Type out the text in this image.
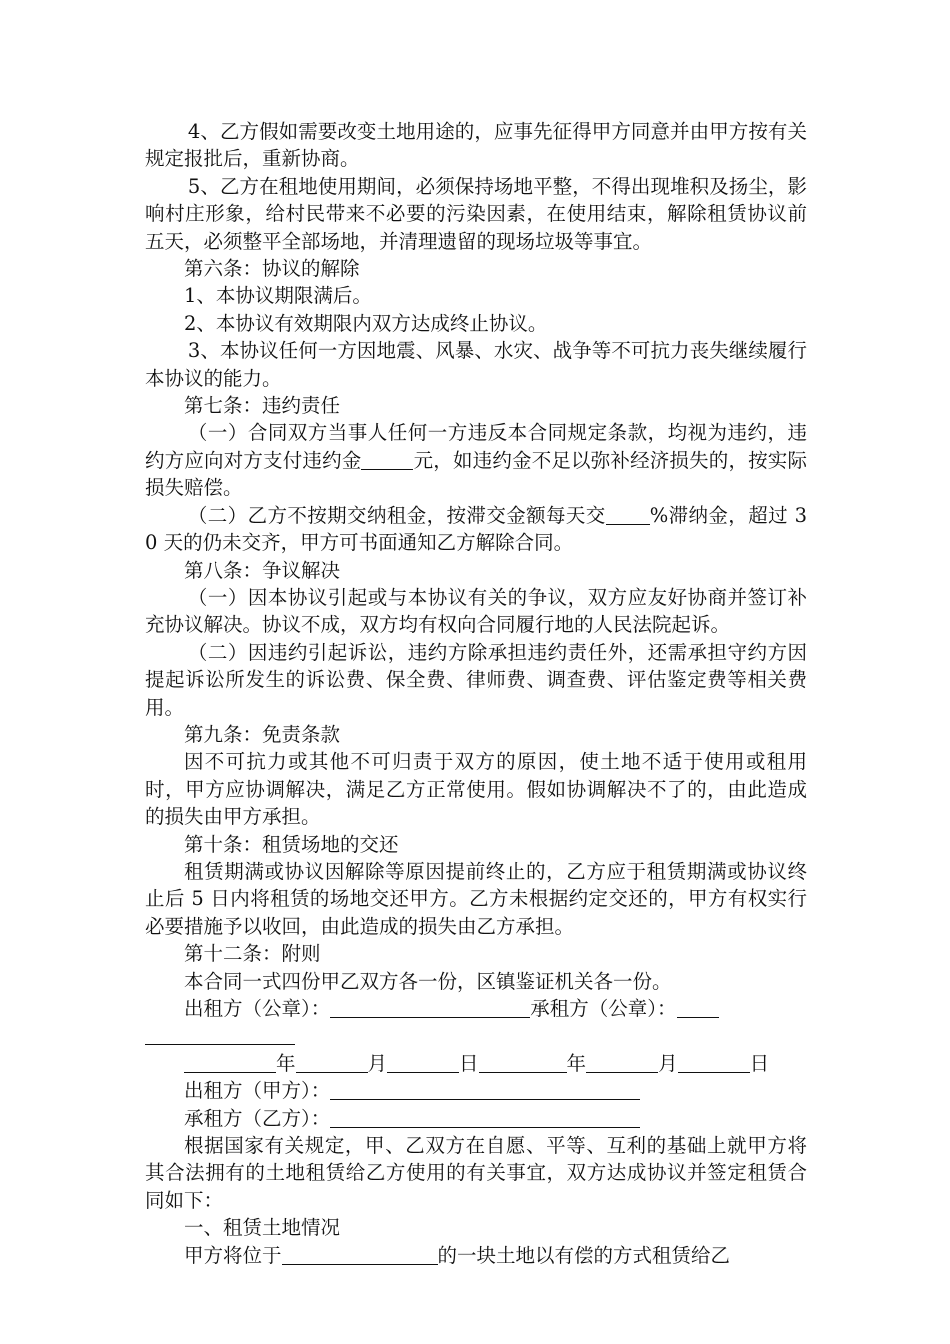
4、乙方假如需要改变土地用途的，应事先征得甲方同意并由甲方按有关规定报批后，重新协商。

5、乙方在租地使用期间，必须保持场地平整，不得出现堆积及扬尘，影响村庄形象，给村民带来不必要的污染因素，在使用结束，解除租赁协议前五天，必须整平全部场地，并清理遗留的现场垃圾等事宜。

第六条：协议的解除

1、本协议期限满后。

2、本协议有效期限内双方达成终止协议。

3、本协议任何一方因地震、风暴、水灾、战争等不可抗力丧失继续履行本协议的能力。

第七条：违约责任

（一）合同双方当事人任何一方违反本合同规定条款，均视为违约，违约方应向对方支付违约金	元，如违约金不足以弥补经济损失的，按实际损失赔偿。

（二）乙方不按期交纳租金，按滞交金额每天交 %滞纳金，超过 30 天的仍未交齐，甲方可书面通知乙方解除合同。

第八条：争议解决

（一）因本协议引起或与本协议有关的争议，双方应友好协商并签订补充协议解决。协议不成，双方均有权向合同履行地的人民法院起诉。

（二）因违约引起诉讼，违约方除承担违约责任外，还需承担守约方因提起诉讼所发生的诉讼费、保全费、律师费、调查费、评估鉴定费等相关费用。

第九条：免责条款

因不可抗力或其他不可归责于双方的原因，使土地不适于使用或租用时，甲方应协调解决，满足乙方正常使用。假如协调解决不了的，由此造成的损失由甲方承担。

第十条：租赁场地的交还

租赁期满或协议因解除等原因提前终止的，乙方应于租赁期满或协议终止后 5 日内将租赁的场地交还甲方。乙方未根据约定交还的，甲方有权实行必要措施予以收回，由此造成的损失由乙方承担。

第十二条：附则

本合同一式四份甲乙双方各一份，区镇鉴证机关各一份。

出租方（公章）：	承租方（公章）：

年	月	日	年	月	日

出租方（甲方）：

承租方（乙方）：

根据国家有关规定，甲、乙双方在自愿、平等、互利的基础上就甲方将其合法拥有的土地租赁给乙方使用的有关事宜，双方达成协议并签定租赁合同如下：

一、租赁土地情况

甲方将位于	的一块土地以有偿的方式租赁给乙
